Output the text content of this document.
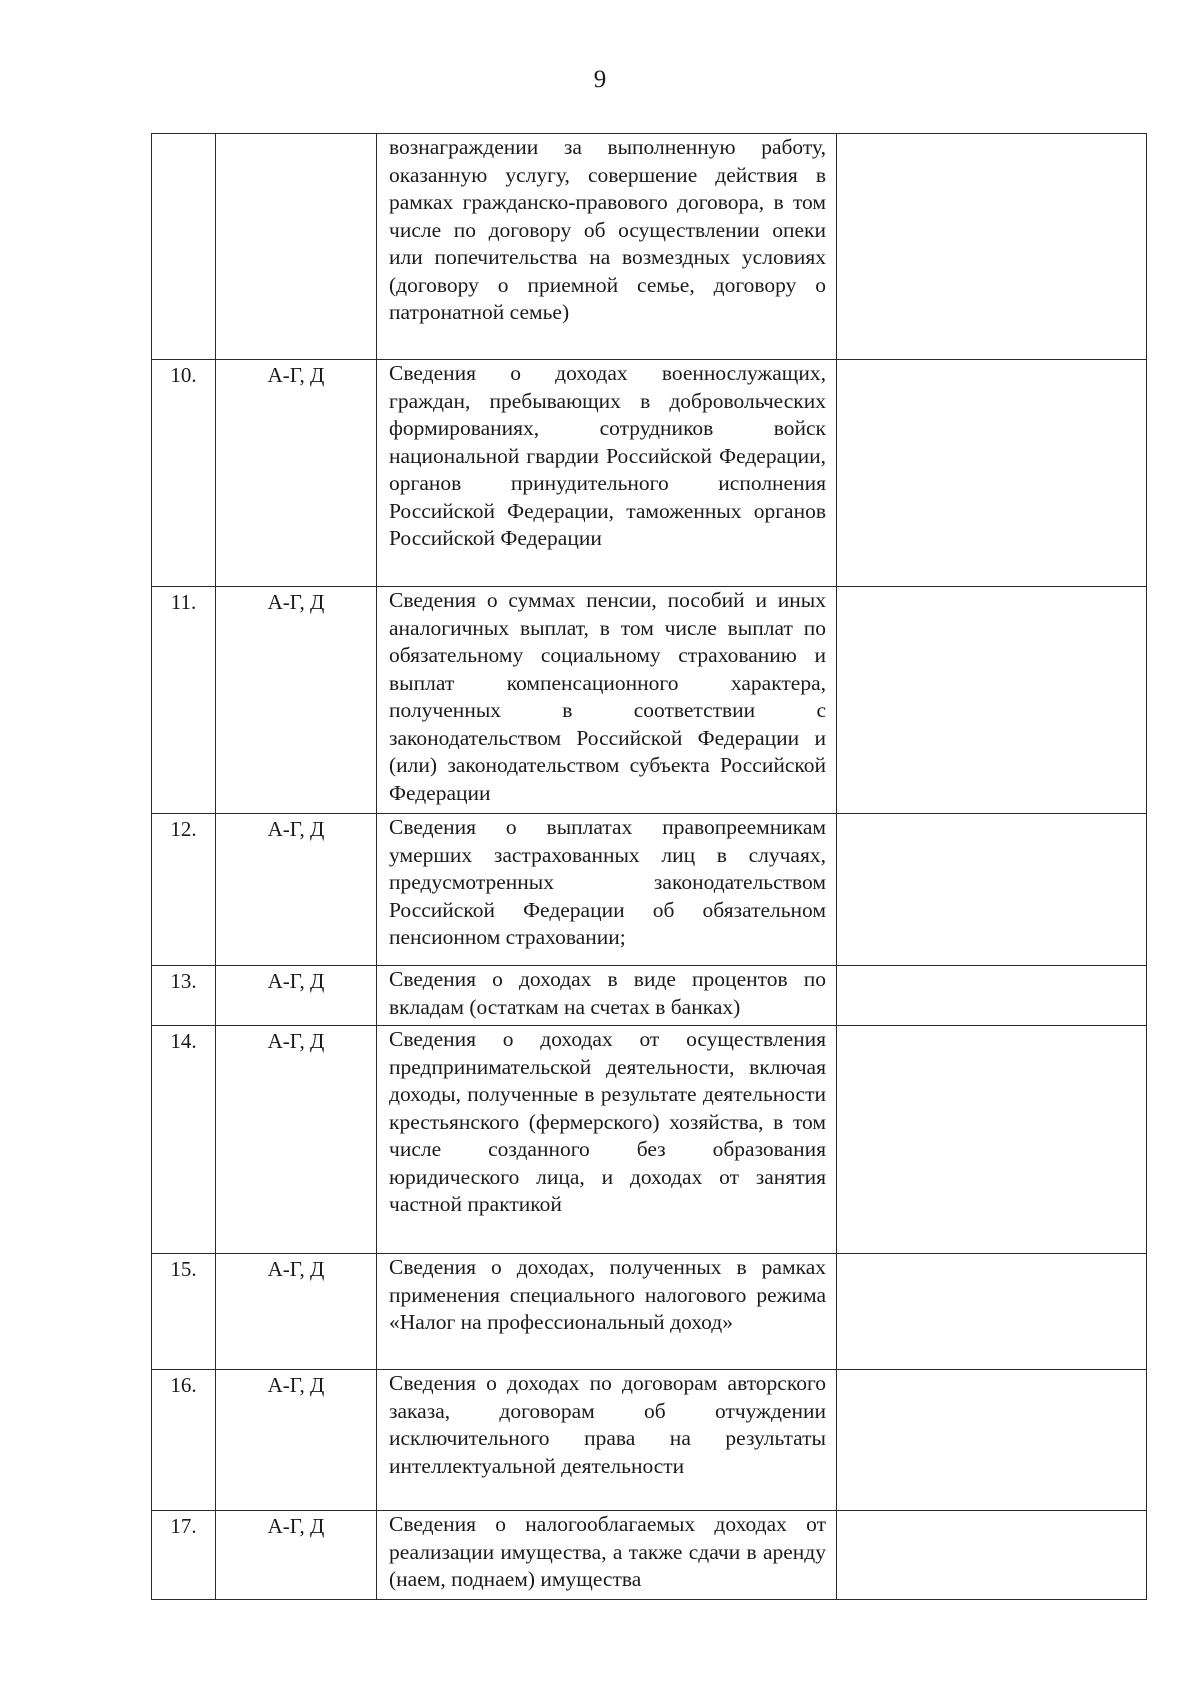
9
		вознаграждении за выполненную работу, оказанную услугу, совершение действия в рамках гражданско-правового договора, в том числе по договору об осуществлении опеки или попечительства на возмездных условиях (договору о приемной семье, договору о патронатной семье)	
10.	А-Г, Д	Сведения о доходах военнослужащих, граждан, пребывающих в добровольческих формированиях, сотрудников войск национальной гвардии Российской Федерации, органов принудительного исполнения Российской Федерации, таможенных органов Российской Федерации	
11.	А-Г, Д	Сведения о суммах пенсии, пособий и иных аналогичных выплат, в том числе выплат по обязательному социальному страхованию и выплат компенсационного характера, полученных в соответствии с законодательством Российской Федерации и (или) законодательством субъекта Российской Федерации	
12.	А-Г, Д	Сведения о выплатах правопреемникам умерших застрахованных лиц в случаях, предусмотренных законодательством Российской Федерации об обязательном пенсионном страховании;	
13.	А-Г, Д	Сведения о доходах в виде процентов по вкладам (остаткам на счетах в банках)	
14.	А-Г, Д	Сведения о доходах от осуществления предпринимательской деятельности, включая доходы, полученные в результате деятельности крестьянского (фермерского) хозяйства, в том числе созданного без образования юридического лица, и доходах от занятия частной практикой	
15.	А-Г, Д	Сведения о доходах, полученных в рамках применения специального налогового режима «Налог на профессиональный доход»	
16.	А-Г, Д	Сведения о доходах по договорам авторского заказа, договорам об отчуждении исключительного права на результаты интеллектуальной деятельности	
17.	А-Г, Д	Сведения о налогооблагаемых доходах от реализации имущества, а также сдачи в аренду (наем, поднаем) имущества	
